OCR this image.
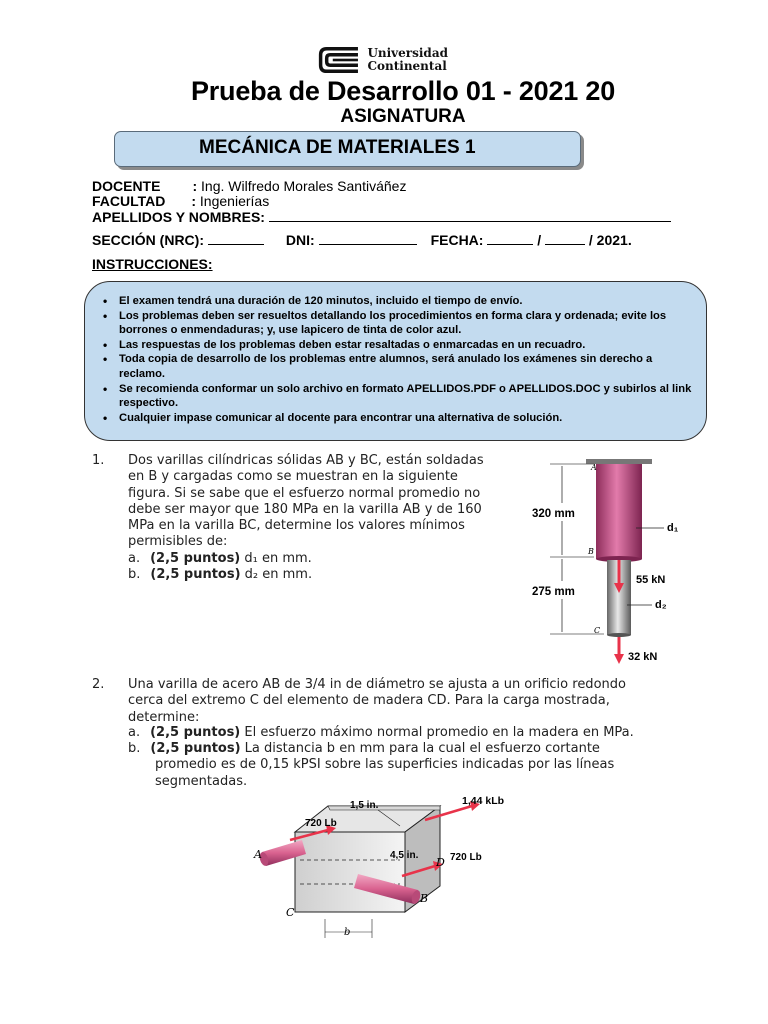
Universidad
Continental
Prueba de Desarrollo 01 - 2021 20
ASIGNATURA
MECÁNICA DE MATERIALES 1
DOCENTE : Ing. Wilfredo Morales Santiváñez
FACULTAD : Ingenierías
APELLIDOS Y NOMBRES:
SECCIÓN (NRC):	DNI:	FECHA:	/	/ 2021.
INSTRUCCIONES:
• El examen tendrá una duración de 120 minutos, incluido el tiempo de envío.
• Los problemas deben ser resueltos detallando los procedimientos en forma clara y ordenada; evite los borrones o enmendaduras; y, use lapicero de tinta de color azul.
• Las respuestas de los problemas deben estar resaltadas o enmarcadas en un recuadro.
• Toda copia de desarrollo de los problemas entre alumnos, será anulado los exámenes sin derecho a reclamo.
• Se recomienda conformar un solo archivo en formato APELLIDOS.PDF o APELLIDOS.DOC y subirlos al link respectivo.
• Cualquier impase comunicar al docente para encontrar una alternativa de solución.
1. Dos varillas cilíndricas sólidas AB y BC, están soldadas
en B y cargadas como se muestran en la siguiente
figura. Si se sabe que el esfuerzo normal promedio no
debe ser mayor que 180 MPa en la varilla AB y de 160
MPa en la varilla BC, determine los valores mínimos
permisibles de:
a. (2,5 puntos) d₁ en mm.
b. (2,5 puntos) d₂ en mm.
A
B
C
320 mm
275 mm
d₁
d₂
55 kN
32 kN
2. Una varilla de acero AB de 3/4 in de diámetro se ajusta a un orificio redondo
cerca del extremo C del elemento de madera CD. Para la carga mostrada,
determine:
a. (2,5 puntos) El esfuerzo máximo normal promedio en la madera en MPa.
b. (2,5 puntos) La distancia b en mm para la cual el esfuerzo cortante
promedio es de 0,15 kPSI sobre las superficies indicadas por las líneas
segmentadas.
1,44 kLb
720 Lb
720 Lb
1,5 in.
4,5 in.
b
A
B
C
D
